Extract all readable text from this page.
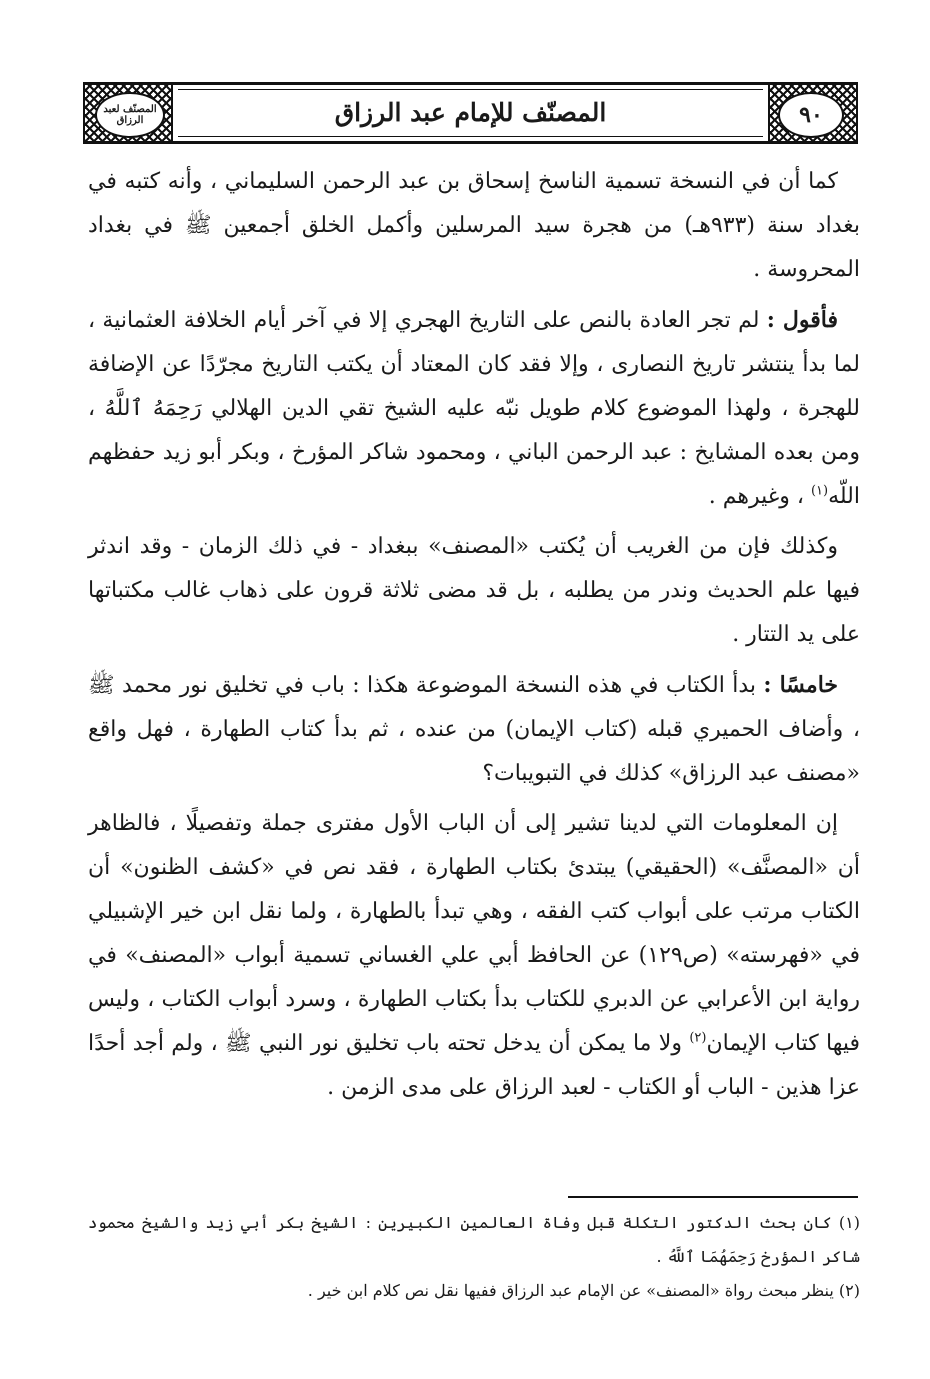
المصنّف لعبد الرزاق	المصنّف للإمام عبد الرزاق	٩٠

كما أن في النسخة تسمية الناسخ إسحاق بن عبد الرحمن السليماني ، وأنه كتبه في بغداد سنة (٩٣٣هـ) من هجرة سيد المرسلين وأكمل الخلق أجمعين ﷺ في بغداد المحروسة .

فأقول : لم تجر العادة بالنص على التاريخ الهجري إلا في آخر أيام الخلافة العثمانية ، لما بدأ ينتشر تاريخ النصارى ، وإلا فقد كان المعتاد أن يكتب التاريخ مجرّدًا عن الإضافة للهجرة ، ولهذا الموضوع كلام طويل نبّه عليه الشيخ تقي الدين الهلالي رَحِمَهُ ٱللَّهُ ، ومن بعده المشايخ : عبد الرحمن الباني ، ومحمود شاكر المؤرخ ، وبكر أبو زيد حفظهم اللّه$^{(١)}$ ، وغيرهم .

وكذلك فإن من الغريب أن يُكتب «المصنف» ببغداد - في ذلك الزمان - وقد اندثر فيها علم الحديث وندر من يطلبه ، بل قد مضى ثلاثة قرون على ذهاب غالب مكتباتها على يد التتار .

خامسًا : بدأ الكتاب في هذه النسخة الموضوعة هكذا : باب في تخليق نور محمد ﷺ ، وأضاف الحميري قبله (كتاب الإيمان) من عنده ، ثم بدأ كتاب الطهارة ، فهل واقع «مصنف عبد الرزاق» كذلك في التبويبات؟

إن المعلومات التي لدينا تشير إلى أن الباب الأول مفترى جملة وتفصيلًا ، فالظاهر أن «المصنَّف» (الحقيقي) يبتدئ بكتاب الطهارة ، فقد نص في «كشف الظنون» أن الكتاب مرتب على أبواب كتب الفقه ، وهي تبدأ بالطهارة ، ولما نقل ابن خير الإشبيلي في «فهرسته» (ص١٢٩) عن الحافظ أبي علي الغساني تسمية أبواب «المصنف» في رواية ابن الأعرابي عن الدبري للكتاب بدأ بكتاب الطهارة ، وسرد أبواب الكتاب ، وليس فيها كتاب الإيمان$^{(٢)}$ ولا ما يمكن أن يدخل تحته باب تخليق نور النبي ﷺ ، ولم أجد أحدًا عزا هذين - الباب أو الكتاب - لعبد الرزاق على مدى الزمن .

(١) كان بحث الدكتور التكلة قبل وفاة العالمين الكبيرين : الشيخ بكر أبي زيد والشيخ محمود شاكر المؤرخ رَحِمَهُمَا ٱللَّهُ .

(٢) ينظر مبحث رواة «المصنف» عن الإمام عبد الرزاق ففيها نقل نص كلام ابن خير .
